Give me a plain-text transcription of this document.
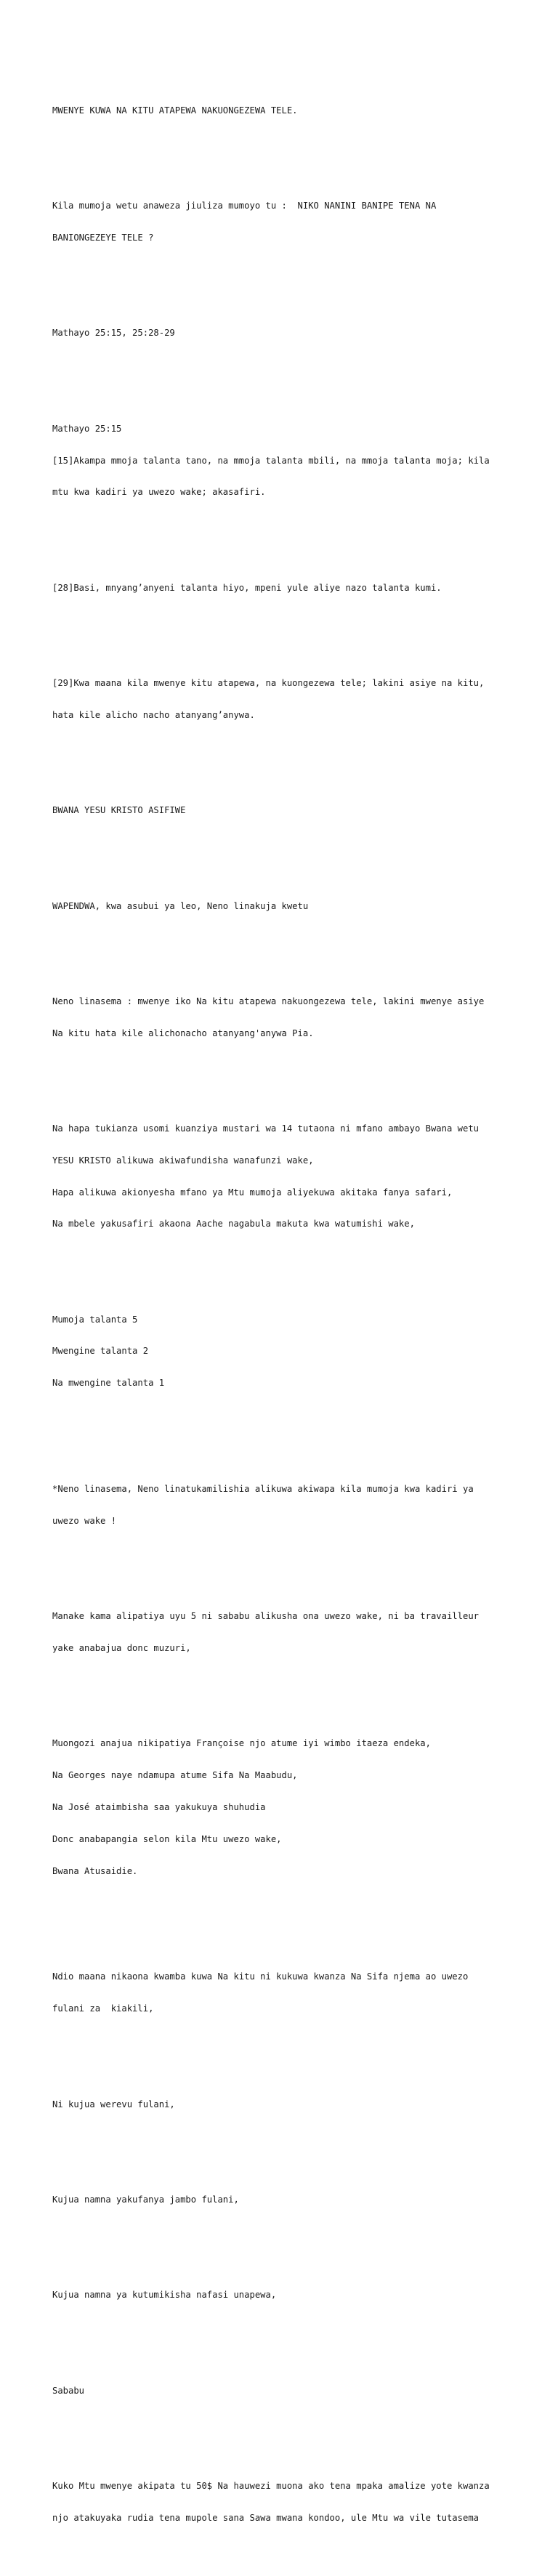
MWENYE KUWA NA KITU ATAPEWA NAKUONGEZEWA TELE.

Kila mumoja wetu anaweza jiuliza mumoyo tu :  NIKO NANINI BANIPE TENA NA

BANIONGEZEYE TELE ?

Mathayo 25:15, 25:28-29

Mathayo 25:15

[15]Akampa mmoja talanta tano, na mmoja talanta mbili, na mmoja talanta moja; kila

mtu kwa kadiri ya uwezo wake; akasafiri.

[28]Basi, mnyang’anyeni talanta hiyo, mpeni yule aliye nazo talanta kumi.

[29]Kwa maana kila mwenye kitu atapewa, na kuongezewa tele; lakini asiye na kitu,

hata kile alicho nacho atanyang’anywa.

BWANA YESU KRISTO ASIFIWE

WAPENDWA, kwa asubui ya leo, Neno linakuja kwetu

Neno linasema : mwenye iko Na kitu atapewa nakuongezewa tele, lakini mwenye asiye

Na kitu hata kile alichonacho atanyang'anywa Pia.

Na hapa tukianza usomi kuanziya mustari wa 14 tutaona ni mfano ambayo Bwana wetu

YESU KRISTO alikuwa akiwafundisha wanafunzi wake,

Hapa alikuwa akionyesha mfano ya Mtu mumoja aliyekuwa akitaka fanya safari,

Na mbele yakusafiri akaona Aache nagabula makuta kwa watumishi wake,

Mumoja talanta 5

Mwengine talanta 2

Na mwengine talanta 1

*Neno linasema, Neno linatukamilishia alikuwa akiwapa kila mumoja kwa kadiri ya

uwezo wake !

Manake kama alipatiya uyu 5 ni sababu alikusha ona uwezo wake, ni ba travailleur

yake anabajua donc muzuri,

Muongozi anajua nikipatiya Françoise njo atume iyi wimbo itaeza endeka,

Na Georges naye ndamupa atume Sifa Na Maabudu,

Na José ataimbisha saa yakukuya shuhudia

Donc anabapangia selon kila Mtu uwezo wake,

Bwana Atusaidie.

Ndio maana nikaona kwamba kuwa Na kitu ni kukuwa kwanza Na Sifa njema ao uwezo

fulani za  kiakili,

Ni kujua werevu fulani,

Kujua namna yakufanya jambo fulani,

Kujua namna ya kutumikisha nafasi unapewa,

Sababu

Kuko Mtu mwenye akipata tu 50$ Na hauwezi muona ako tena mpaka amalize yote kwanza

njo atakuyaka rudia tena mupole sana Sawa mwana kondoo, ule Mtu wa vile tutasema
